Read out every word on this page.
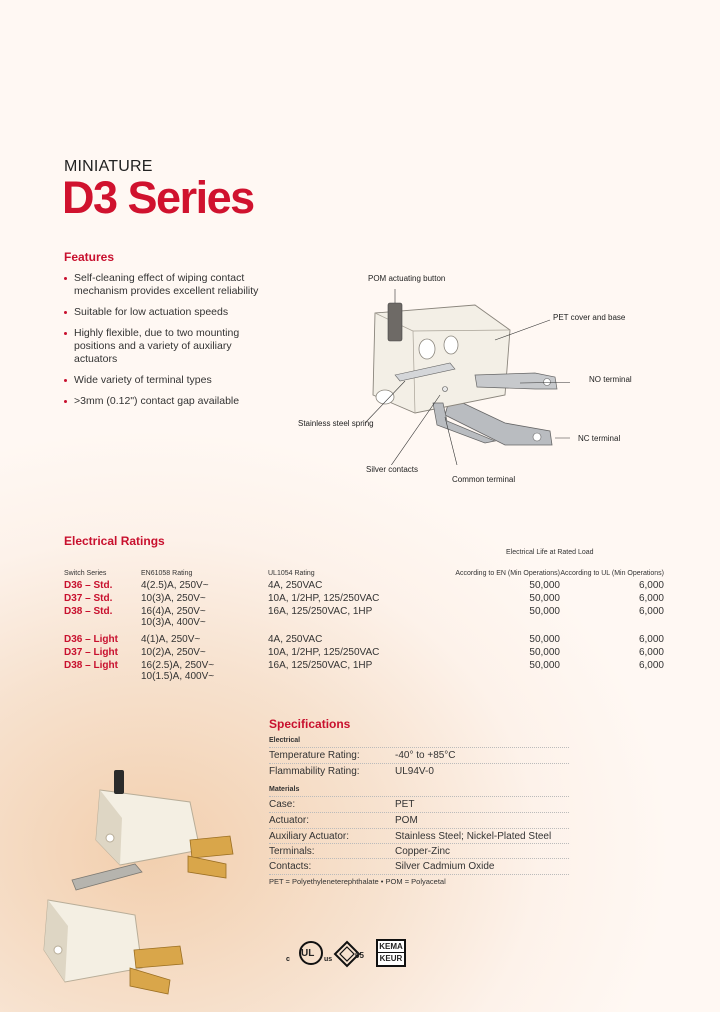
MINIATURE
D3 Series
Features
Self-cleaning effect of wiping contact mechanism provides excellent reliability
Suitable for low actuation speeds
Highly flexible, due to two mounting positions and a variety of auxiliary actuators
Wide variety of terminal types
>3mm (0.12") contact gap available
POM actuating button
PET cover and base
NO terminal
NC terminal
Stainless steel spring
Silver contacts
Common terminal
Electrical Ratings
Electrical Life at Rated Load
Switch Series	EN61058 Rating	UL1054 Rating	According to EN (Min Operations)	According to UL (Min Operations)
D36 – Std.	4(2.5)A, 250V~	4A, 250VAC	50,000	6,000
D37 – Std.	10(3)A, 250V~	10A, 1/2HP, 125/250VAC	50,000	6,000
D38 – Std.	16(4)A, 250V~
10(3)A, 400V~	16A, 125/250VAC, 1HP	50,000	6,000
D36 – Light	4(1)A, 250V~	4A, 250VAC	50,000	6,000
D37 – Light	10(2)A, 250V~	10A, 1/2HP, 125/250VAC	50,000	6,000
D38 – Light	16(2.5)A, 250V~
10(1.5)A, 400V~	16A, 125/250VAC, 1HP	50,000	6,000
Specifications
Electrical
Temperature Rating:	-40° to +85°C
Flammability Rating:	UL94V-0
Materials
Case:	PET
Actuator:	POM
Auxiliary Actuator:	Stainless Steel; Nickel-Plated Steel
Terminals:	Copper-Zinc
Contacts:	Silver Cadmium Oxide
PET = Polyethyleneterephthalate • POM = Polyacetal
UL
c	us	05
KEMA
KEUR
